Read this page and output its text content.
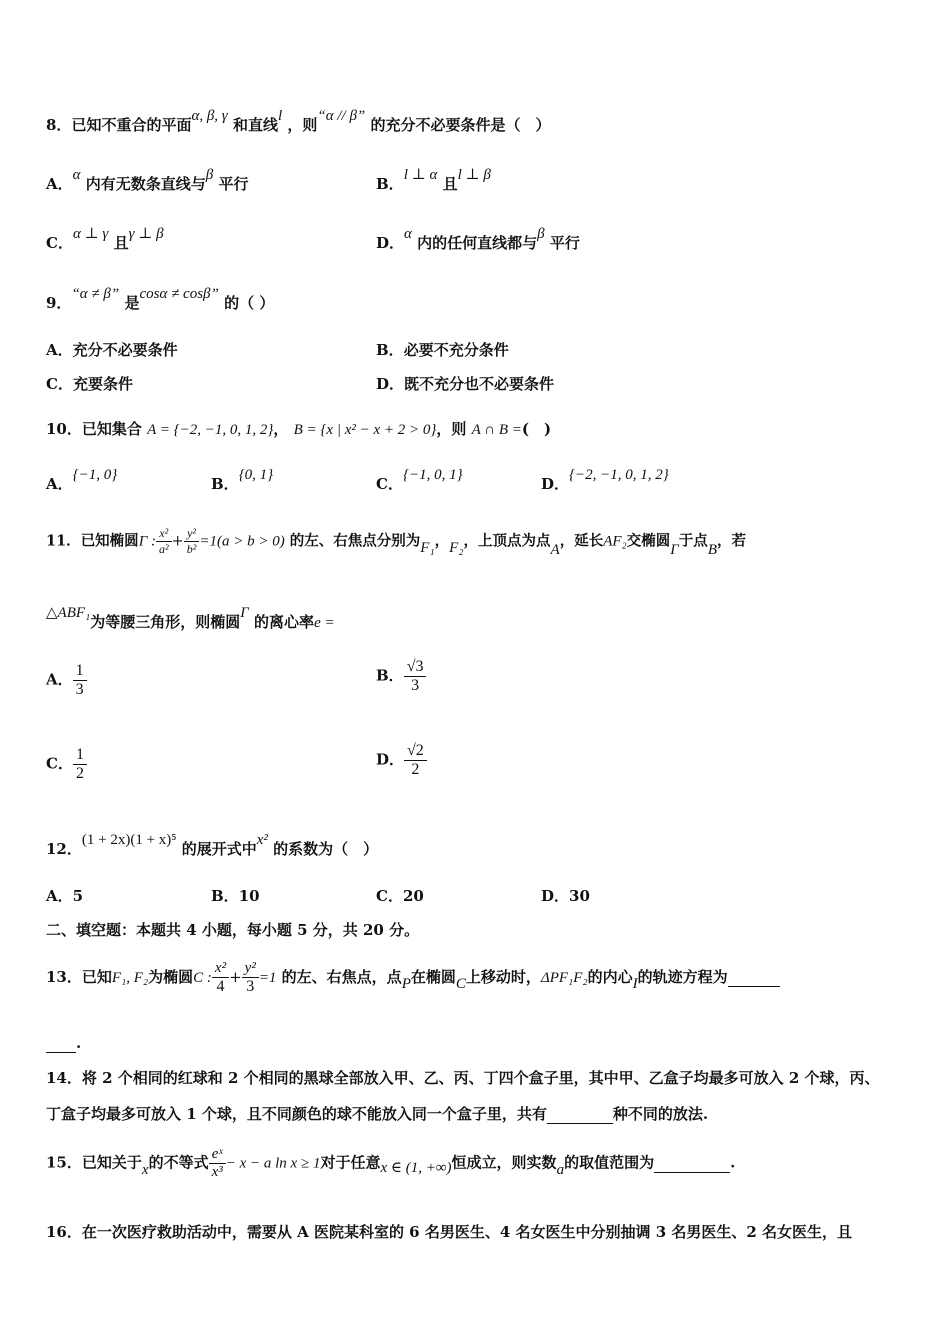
8．已知不重合的平面α, β, γ 和直线l ，则“α // β” 的充分不必要条件是（　）
A．α 内有无数条直线与β 平行	B．l ⊥ α 且l ⊥ β
C．α ⊥ γ 且γ ⊥ β	D．α 内的任何直线都与β 平行
9．“α ≠ β” 是cosα ≠ cosβ” 的（ ）
A．充分不必要条件	B．必要不充分条件
C．充要条件	D．既不充分也不必要条件
10．已知集合 A = {−2, −1, 0, 1, 2}， B = {x | x² − x + 2 > 0}，则 A ∩ B =(　)
A．{−1, 0}	B．{0, 1}	C．{−1, 0, 1}	D．{−2, −1, 0, 1, 2}
11．已知椭圆Γ : $\frac{\text{x²}}{\text{a²}} + \frac{\text{y²}}{\text{b²}} =1(a > b > 0)$ 的左、右焦点分别为F₁，F₂，上顶点为点A，延长AF₂交椭圆Γ于点B，若
△ABF₁为等腰三角形，则椭圆Γ 的离心率e =
A． $\frac{1}{3}$	B． $\frac{√3}{3}$
C． $\frac{1}{2}$	D． $\frac{√2}{2}$
12．(1 + 2x)(1 + x)⁵ 的展开式中x² 的系数为（　）
A．5	B．10	C．20	D．30
二、填空题：本题共 4 小题，每小题 5 分，共 20 分。
13．已知F₁, F₂为椭圆C : $\frac{\text{x²}}{4} + \frac{\text{y²}}{3} =1$ 的左、右焦点，点P在椭圆C上移动时，ΔPF₁F₂的内心I的轨迹方程为
.
14．将 2 个相同的红球和 2 个相同的黑球全部放入甲、乙、丙、丁四个盒子里，其中甲、乙盒子均最多可放入 2 个球，丙、
丁盒子均最多可放入 1 个球，且不同颜色的球不能放入同一个盒子里，共有	种不同的放法.
15．已知关于x的不等式 $\frac{\text{eˣ}}{\text{x³}} - x - a$ ln x ≥ 1对于任意x ∈ (1, +∞)恒成立，则实数a的取值范围为	.
16．在一次医疗救助活动中，需要从 A 医院某科室的 6 名男医生、4 名女医生中分别抽调 3 名男医生、2 名女医生，且
